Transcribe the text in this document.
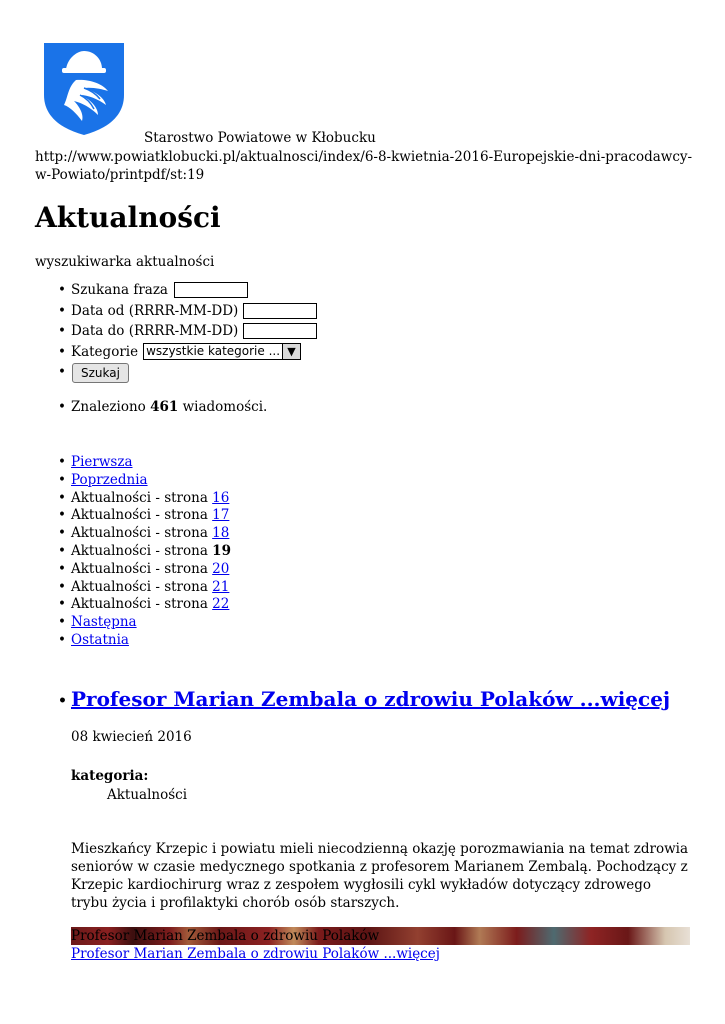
Starostwo Powiatowe w Kłobucku
http://www.powiatklobucki.pl/aktualnosci/index/6-8-kwietnia-2016-Europejskie-dni-pracodawcy-w-Powiato/printpdf/st:19
Aktualności
wyszukiwarka aktualności
• Szukana fraza
• Data od (RRRR-MM-DD)
• Data do (RRRR-MM-DD)
• Kategorie wszystkie kategorie ... ▼
• Szukaj
• Znaleziono 461 wiadomości.
• Pierwsza
• Poprzednia
• Aktualności - strona 16
• Aktualności - strona 17
• Aktualności - strona 18
• Aktualności - strona 19
• Aktualności - strona 20
• Aktualności - strona 21
• Aktualności - strona 22
• Następna
• Ostatnia
• Profesor Marian Zembala o zdrowiu Polaków ...więcej
08 kwiecień 2016
kategoria:
Aktualności
Mieszkańcy Krzepic i powiatu mieli niecodzienną okazję porozmawiania na temat zdrowia seniorów w czasie medycznego spotkania z profesorem Marianem Zembalą. Pochodzący z Krzepic kardiochirurg wraz z zespołem wygłosili cykl wykładów dotyczący zdrowego trybu życia i profilaktyki chorób osób starszych.
Profesor Marian Zembala o zdrowiu Polaków
Profesor Marian Zembala o zdrowiu Polaków ...więcej
